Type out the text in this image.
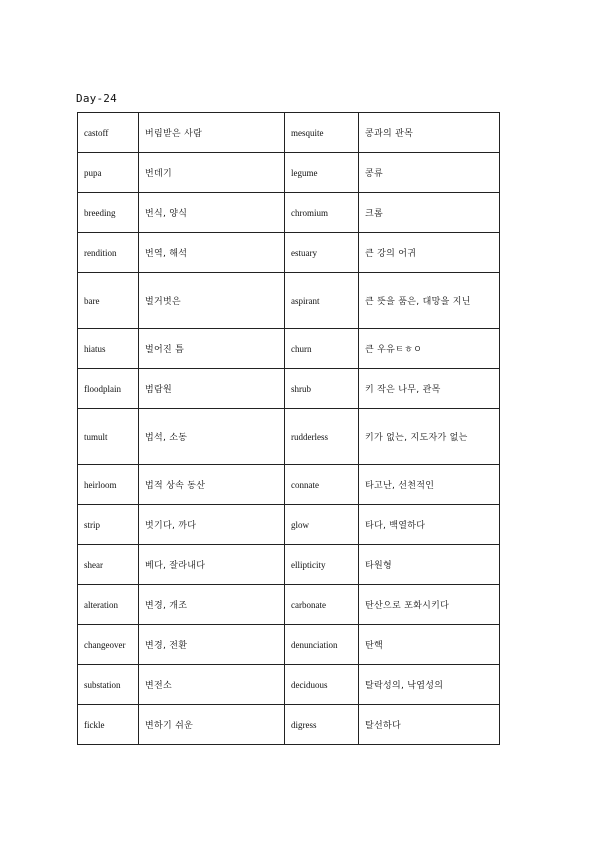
Day-24
castoff	버림받은 사람	mesquite	콩과의 관목
pupa	번데기	legume	콩류
breeding	번식, 양식	chromium	크롬
rendition	번역, 해석	estuary	큰 강의 어귀
bare	벌거벗은	aspirant	큰 뜻을 품은, 대망을 지닌
hiatus	벌어진 틈	churn	큰 우유ㅌㅎㅇ
floodplain	범람원	shrub	키 작은 나무, 관목
tumult	법석, 소동	rudderless	키가 없는, 지도자가 없는
heirloom	법적 상속 동산	connate	타고난, 선천적인
strip	벗기다, 까다	glow	타다, 백열하다
shear	베다, 잘라내다	ellipticity	타원형
alteration	변경, 개조	carbonate	탄산으로 포화시키다
changeover	변경, 전환	denunciation	탄핵
substation	변전소	deciduous	탈락성의, 낙엽성의
fickle	변하기 쉬운	digress	탈선하다
